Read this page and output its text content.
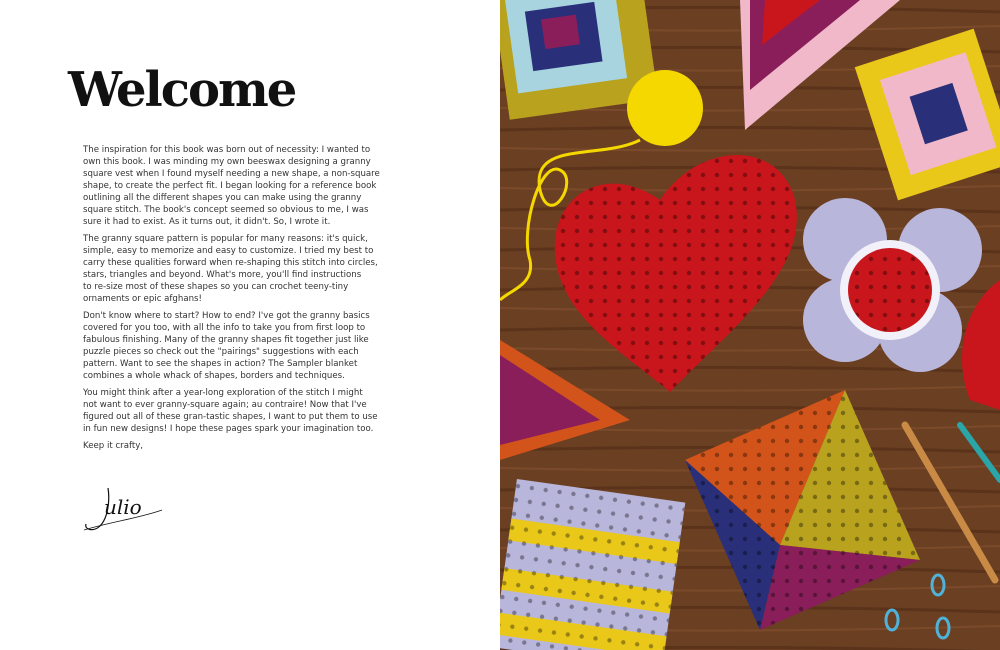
Welcome

The inspiration for this book was born out of necessity: I wanted to
own this book. I was minding my own beeswax designing a granny
square vest when I found myself needing a new shape, a non-square
shape, to create the perfect fit. I began looking for a reference book
outlining all the different shapes you can make using the granny
square stitch. The book's concept seemed so obvious to me, I was
sure it had to exist. As it turns out, it didn't. So, I wrote it.

The granny square pattern is popular for many reasons: it's quick,
simple, easy to memorize and easy to customize. I tried my best to
carry these qualities forward when re-shaping this stitch into circles,
stars, triangles and beyond. What's more, you'll find instructions
to re-size most of these shapes so you can crochet teeny-tiny
ornaments or epic afghans!

Don't know where to start? How to end? I've got the granny basics
covered for you too, with all the info to take you from first loop to
fabulous finishing. Many of the granny shapes fit together just like
puzzle pieces so check out the "pairings" suggestions with each
pattern. Want to see the shapes in action? The Sampler blanket
combines a whole whack of shapes, borders and techniques.

You might think after a year-long exploration of the stitch I might
not want to ever granny-square again; au contraire! Now that I've
figured out all of these gran-tastic shapes, I want to put them to use
in fun new designs! I hope these pages spark your imagination too.

Keep it crafty,

ulio
